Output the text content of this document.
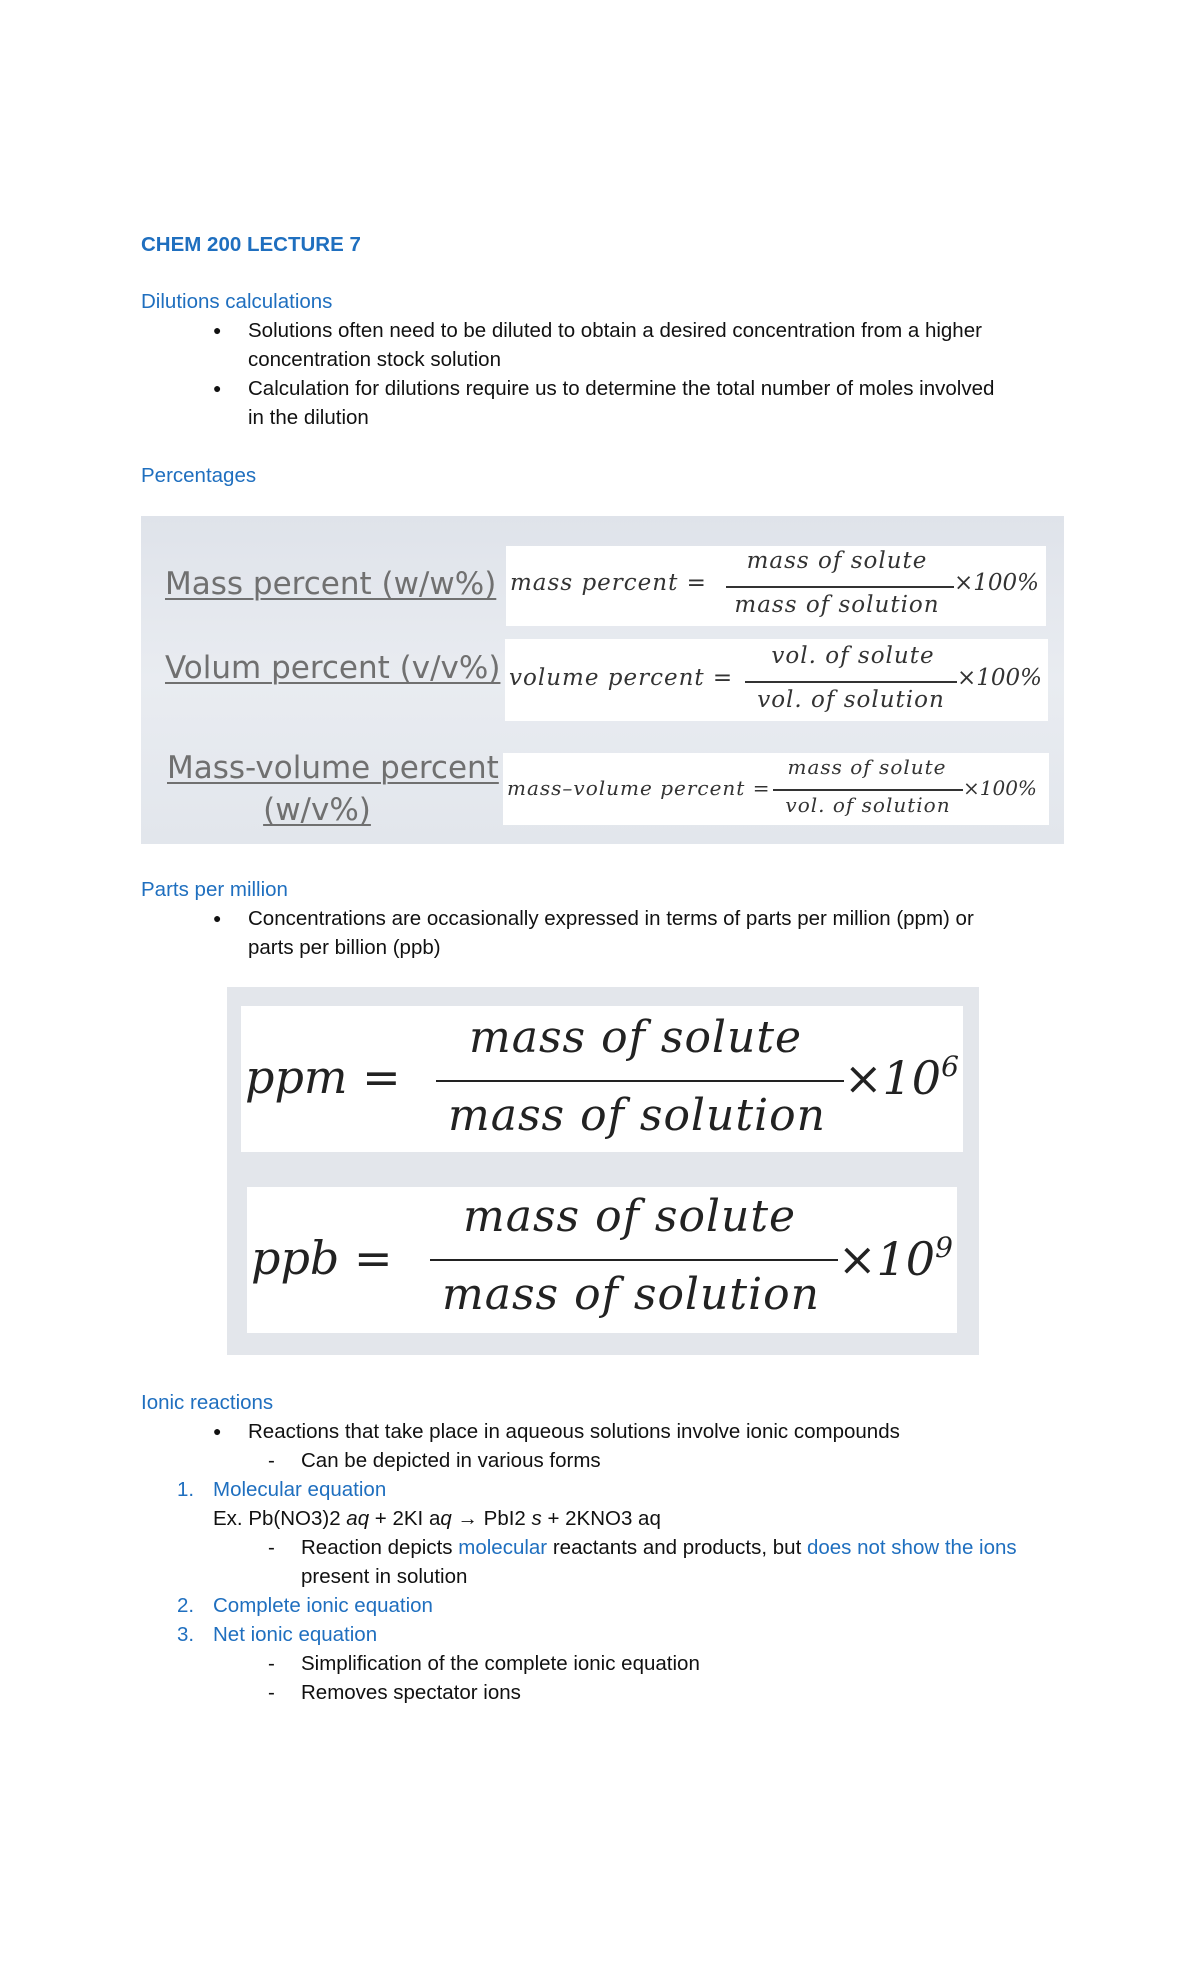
CHEM 200 LECTURE 7
Dilutions calculations
● Solutions often need to be diluted to obtain a desired concentration from a higher
concentration stock solution
● Calculation for dilutions require us to determine the total number of moles involved
in the dilution
Percentages
Mass percent (w/w%)
Volum percent (v/v%)
Mass-volume percent
(w/v%)
mass percent =
mass of solute
mass of solution
×100%
volume percent =
vol. of solute
vol. of solution
×100%
mass–volume percent =
mass of solute
vol. of solution
×100%
Parts per million
● Concentrations are occasionally expressed in terms of parts per million (ppm) or
parts per billion (ppb)
ppm =
mass of solute
mass of solution
$\times 10^6$
ppb =
mass of solute
mass of solution
$\times 10^9$
Ionic reactions
● Reactions that take place in aqueous solutions involve ionic compounds
- Can be depicted in various forms
1. Molecular equation
Ex. Pb(NO3)2 aq + 2KI aq → PbI2 s + 2KNO3 aq
- Reaction depicts molecular reactants and products, but does not show the ions
present in solution
2. Complete ionic equation
3. Net ionic equation
- Simplification of the complete ionic equation
- Removes spectator ions
